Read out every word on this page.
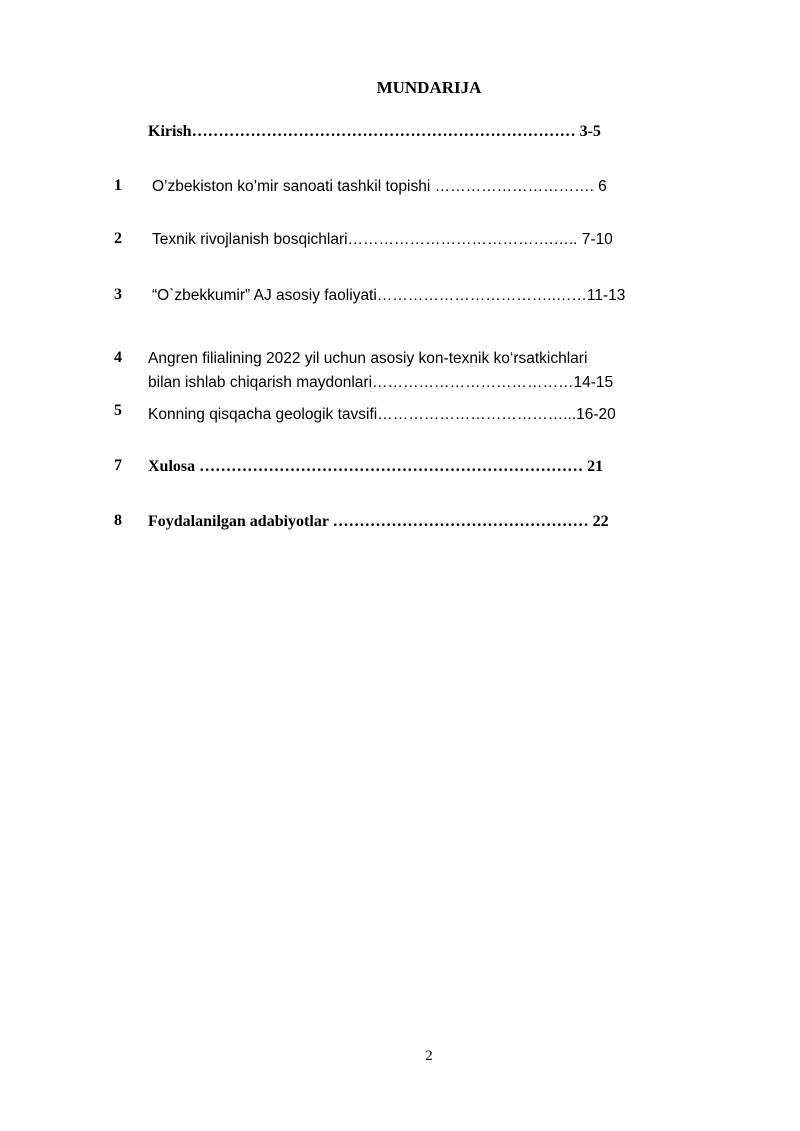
MUNDARIJA
Kirish……………………………………………………………… 3-5
1 O’zbekiston ko’mir sanoati tashkil topishi …………………………. 6
2 Texnik rivojlanish bosqichlari………………………………….….. 7-10
3 “O`zbekkumir” AJ asosiy faoliyati……………………………..……11-13
4 Angren filialining 2022 yil uchun asosiy kon-texnik ko‘rsatkichlari
bilan ishlab chiqarish maydonlari…………………………………14-15
5 Konning qisqacha geologik tavsifi………………………………...16-20
7 Xulosa ……………………………………………………………… 21
8 Foydalanilgan adabiyotlar ………………………………………… 22
2
